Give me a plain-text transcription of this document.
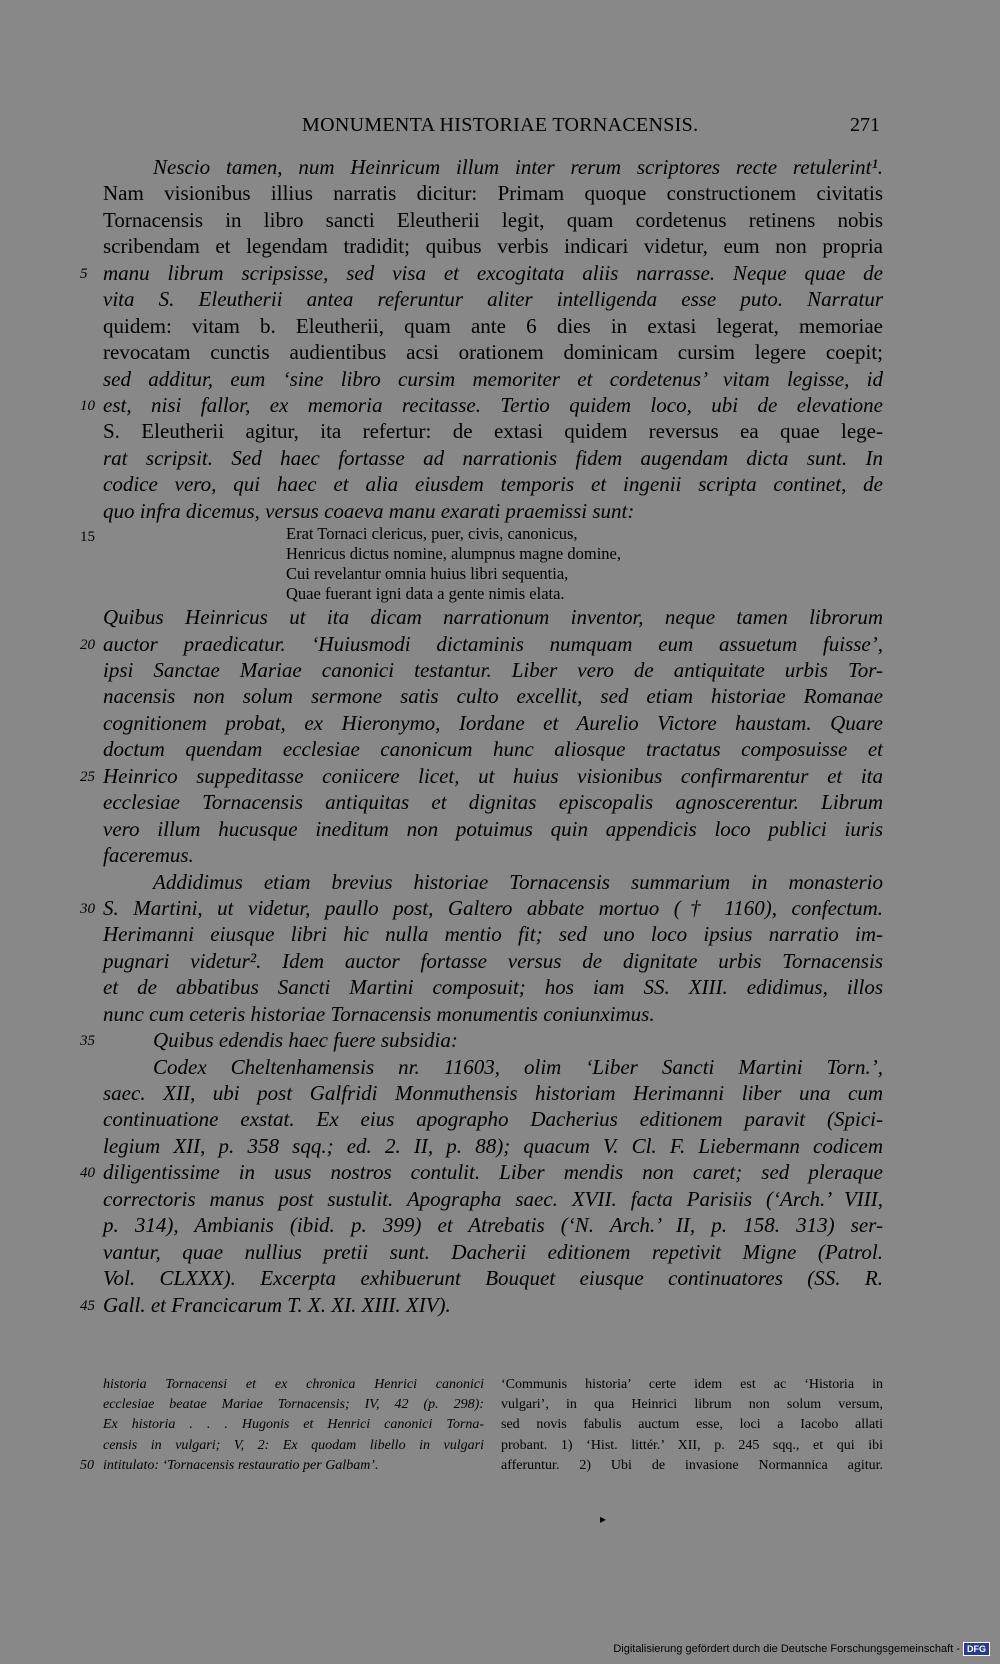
MONUMENTA HISTORIAE TORNACENSIS.	271
Nescio tamen, num Heinricum illum inter rerum scriptores recte retulerint¹.
Nam visionibus illius narratis dicitur: Primam quoque constructionem civitatis
Tornacensis in libro sancti Eleutherii legit, quam cordetenus retinens nobis
scribendam et legendam tradidit; quibus verbis indicari videtur, eum non propria
5 manu librum scripsisse, sed visa et excogitata aliis narrasse. Neque quae de
vita S. Eleutherii antea referuntur aliter intelligenda esse puto. Narratur
quidem: vitam b. Eleutherii, quam ante 6 dies in extasi legerat, memoriae
revocatam cunctis audientibus acsi orationem dominicam cursim legere coepit;
sed additur, eum ‘sine libro cursim memoriter et cordetenus’ vitam legisse, id
10 est, nisi fallor, ex memoria recitasse. Tertio quidem loco, ubi de elevatione
S. Eleutherii agitur, ita refertur: de extasi quidem reversus ea quae lege-
rat scripsit. Sed haec fortasse ad narrationis fidem augendam dicta sunt. In
codice vero, qui haec et alia eiusdem temporis et ingenii scripta continet, de
quo infra dicemus, versus coaeva manu exarati praemissi sunt:
15	Erat Tornaci clericus, puer, civis, canonicus,
Henricus dictus nomine, alumpnus magne domine,
Cui revelantur omnia huius libri sequentia,
Quae fuerant igni data a gente nimis elata.
Quibus Heinricus ut ita dicam narrationum inventor, neque tamen librorum
20 auctor praedicatur. ‘Huiusmodi dictaminis numquam eum assuetum fuisse’,
ipsi Sanctae Mariae canonici testantur. Liber vero de antiquitate urbis Tor-
nacensis non solum sermone satis culto excellit, sed etiam historiae Romanae
cognitionem probat, ex Hieronymo, Iordane et Aurelio Victore haustam. Quare
doctum quendam ecclesiae canonicum hunc aliosque tractatus composuisse et
25 Heinrico suppeditasse coniicere licet, ut huius visionibus confirmarentur et ita
ecclesiae Tornacensis antiquitas et dignitas episcopalis agnoscerentur. Librum
vero illum hucusque ineditum non potuimus quin appendicis loco publici iuris
faceremus.
Addidimus etiam brevius historiae Tornacensis summarium in monasterio
30 S. Martini, ut videtur, paullo post, Galtero abbate mortuo († 1160), confectum.
Herimanni eiusque libri hic nulla mentio fit; sed uno loco ipsius narratio im-
pugnari videtur². Idem auctor fortasse versus de dignitate urbis Tornacensis
et de abbatibus Sancti Martini composuit; hos iam SS. XIII. edidimus, illos
nunc cum ceteris historiae Tornacensis monumentis coniunximus.
35	Quibus edendis haec fuere subsidia:
Codex Cheltenhamensis nr. 11603, olim ‘Liber Sancti Martini Torn.’,
saec. XII, ubi post Galfridi Monmuthensis historiam Herimanni liber una cum
continuatione exstat. Ex eius apographo Dacherius editionem paravit (Spici-
legium XII, p. 358 sqq.; ed. 2. II, p. 88); quacum V. Cl. F. Liebermann codicem
40 diligentissime in usus nostros contulit. Liber mendis non caret; sed pleraque
correctoris manus post sustulit. Apographa saec. XVII. facta Parisiis (‘Arch.’ VIII,
p. 314), Ambianis (ibid. p. 399) et Atrebatis (‘N. Arch.’ II, p. 158. 313) ser-
vantur, quae nullius pretii sunt. Dacherii editionem repetivit Migne (Patrol.
Vol. CLXXX). Excerpta exhibuerunt Bouquet eiusque continuatores (SS. R.
45 Gall. et Francicarum T. X. XI. XIII. XIV).
historia Tornacensi et ex chronica Henrici canonici
ecclesiae beatae Mariae Tornacensis; IV, 42 (p. 298):
Ex historia . . . Hugonis et Henrici canonici Torna-
censis in vulgari; V, 2: Ex quodam libello in vulgari
50 intitulato: ‘Tornacensis restauratio per Galbam’.
‘Communis historia’ certe idem est ac ‘Historia in
vulgari’, in qua Heinrici librum non solum versum,
sed novis fabulis auctum esse, loci a Iacobo allati
probant. 1) ‘Hist. littér.’ XII, p. 245 sqq., et qui ibi
afferuntur. 2) Ubi de invasione Normannica agitur.
▸
Digitalisierung gefördert durch die Deutsche Forschungsgemeinschaft - DFG
